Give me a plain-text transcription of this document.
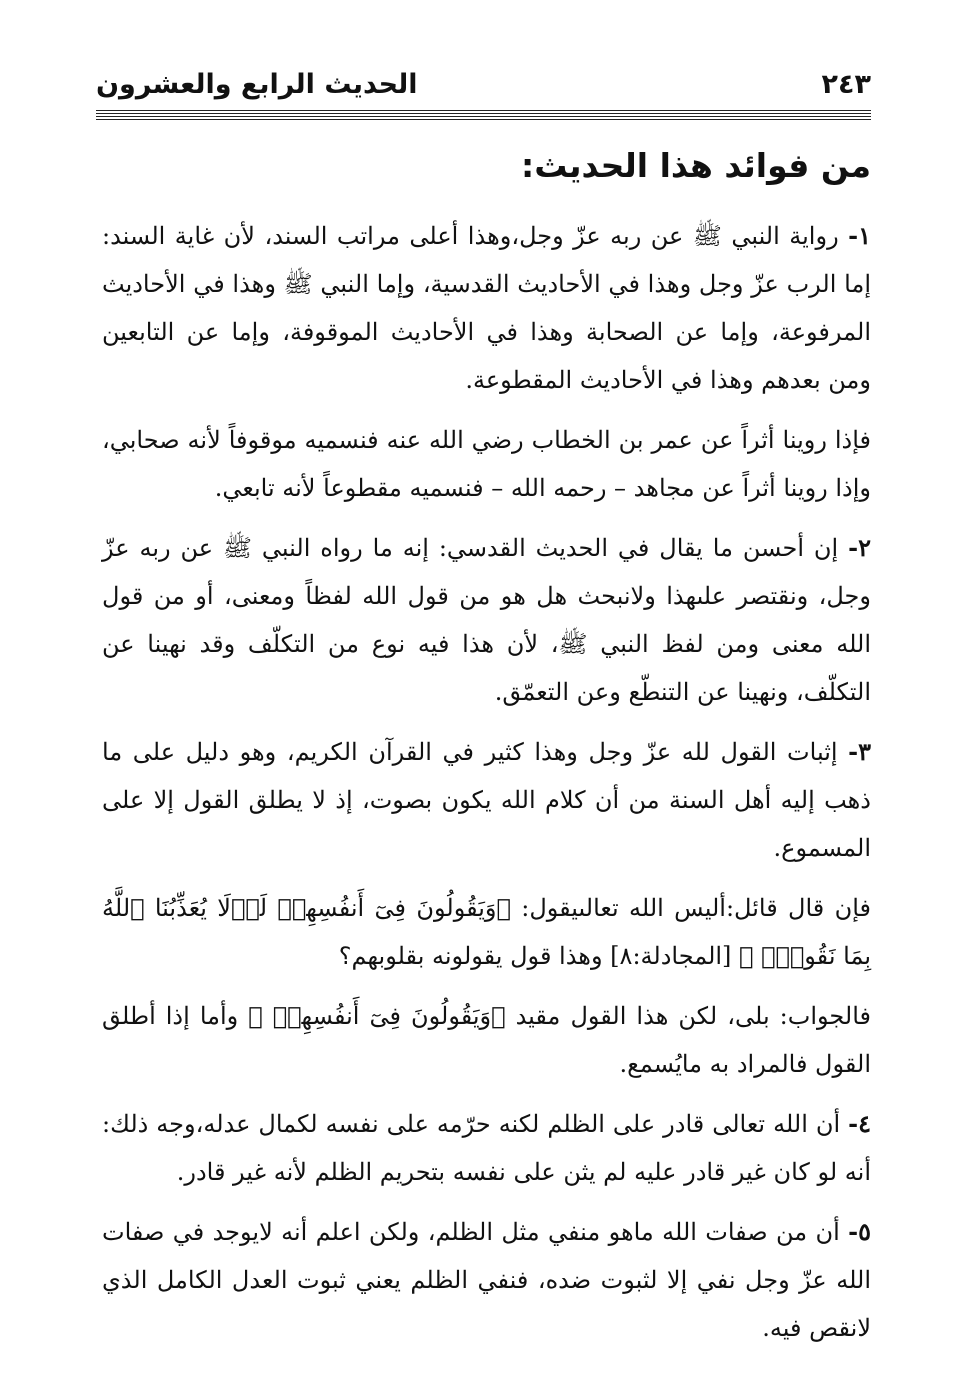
٢٤٣
الحديث الرابع والعشرون
من فوائد هذا الحديث:

١- رواية النبي ﷺ عن ربه عزّ وجل،وهذا أعلى مراتب السند، لأن غاية السند: إما الرب عزّ وجل وهذا في الأحاديث القدسية، وإما النبي ﷺ وهذا في الأحاديث المرفوعة، وإما عن الصحابة وهذا في الأحاديث الموقوفة، وإما عن التابعين ومن بعدهم وهذا في الأحاديث المقطوعة.

فإذا روينا أثراً عن عمر بن الخطاب رضي الله عنه فنسميه موقوفاً لأنه صحابي، وإذا روينا أثراً عن مجاهد – رحمه الله – فنسميه مقطوعاً لأنه تابعي.

٢- إن أحسن ما يقال في الحديث القدسي: إنه ما رواه النبي ﷺ عن ربه عزّ وجل، ونقتصر علىهذا ولانبحث هل هو من قول الله لفظاً ومعنى، أو من قول الله معنى ومن لفظ النبي ﷺ، لأن هذا فيه نوع من التكلّف وقد نهينا عن التكلّف، ونهينا عن التنطّع وعن التعمّق.

٣- إثبات القول لله عزّ وجل وهذا كثير في القرآن الكريم، وهو دليل على ما ذهب إليه أهل السنة من أن كلام الله يكون بصوت، إذ لا يطلق القول إلا على المسموع.

فإن قال قائل:أليس الله تعالىيقول: ﴿وَيَقُولُونَ فِىٓ أَنفُسِهِمۡ لَوۡلَا يُعَذِّبُنَا ٱللَّهُ بِمَا نَقُولُۚ ﴾ [المجادلة:٨] وهذا قول يقولونه بقلوبهم؟

فالجواب: بلى، لكن هذا القول مقيد ﴿وَيَقُولُونَ فِىٓ أَنفُسِهِمۡ ﴾ وأما إذا أطلق القول فالمراد به مايُسمع.

٤- أن الله تعالى قادر على الظلم لكنه حرّمه على نفسه لكمال عدله،وجه ذلك: أنه لو كان غير قادر عليه لم يثن على نفسه بتحريم الظلم لأنه غير قادر.

٥- أن من صفات الله ماهو منفي مثل الظلم، ولكن اعلم أنه لايوجد في صفات الله عزّ وجل نفي إلا لثبوت ضده، فنفي الظلم يعني ثبوت العدل الكامل الذي لانقص فيه.
